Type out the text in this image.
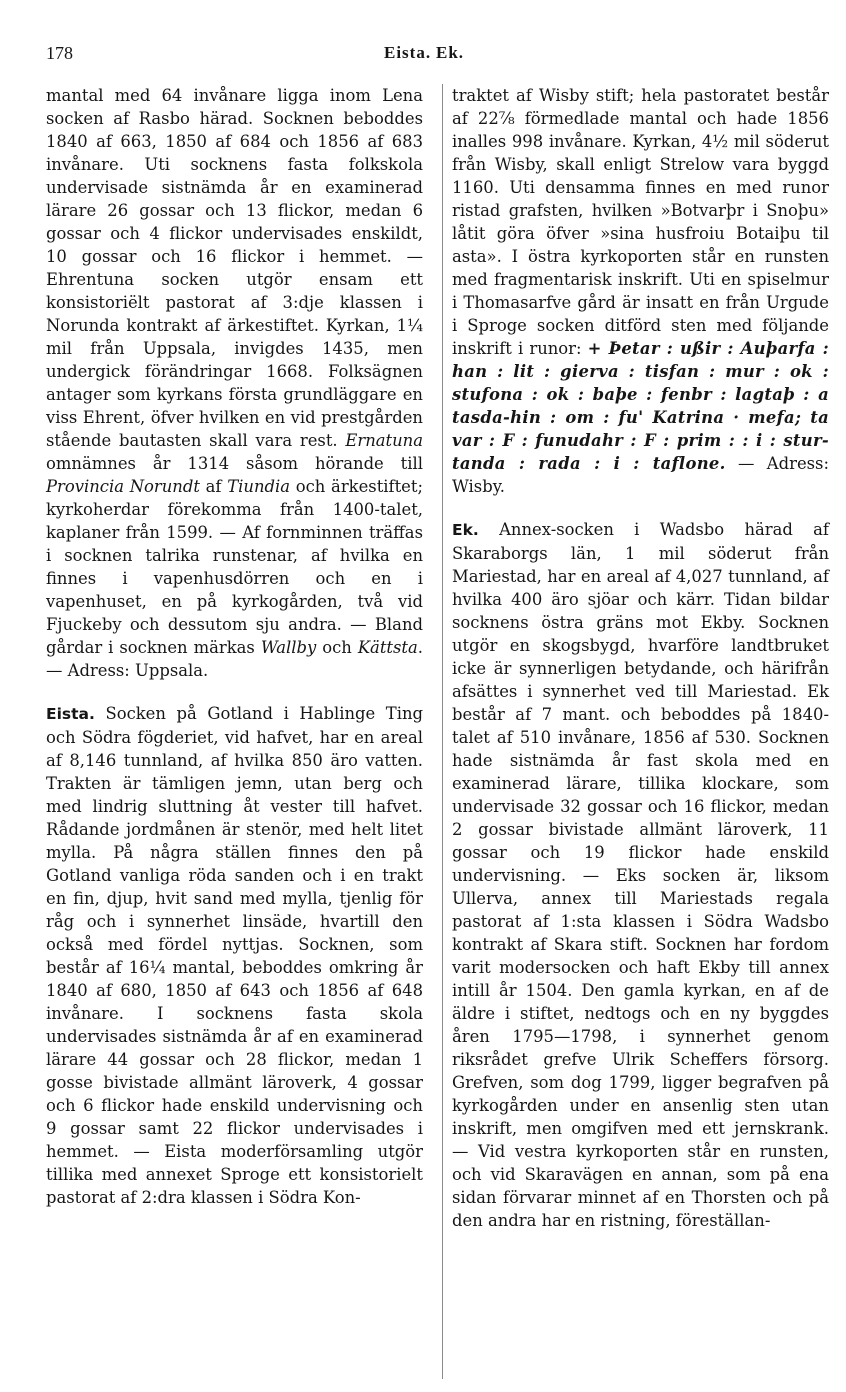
178	Eista. Ek.

mantal med 64 invånare ligga inom Lena socken af Rasbo härad. Socknen beboddes 1840 af 663, 1850 af 684 och 1856 af 683 invånare. Uti socknens fasta folkskola undervisade sistnämda år en examinerad lärare 26 gossar och 13 flickor, medan 6 gossar och 4 flickor undervisades enskildt, 10 gossar och 16 flickor i hemmet. — Ehrentuna socken utgör ensam ett konsistoriëlt pastorat af 3:dje klassen i Norunda kontrakt af ärkestiftet. Kyrkan, 1¼ mil från Uppsala, invigdes 1435, men undergick förändringar 1668. Folksägnen antager som kyrkans första grundläggare en viss Ehrent, öfver hvilken en vid prestgården stående bautasten skall vara rest. Ernatuna omnämnes år 1314 såsom hörande till Provincia Norundt af Tiundia och ärkestiftet; kyrkoherdar förekomma från 1400-talet, kaplaner från 1599. — Af fornminnen träffas i socknen talrika runstenar, af hvilka en finnes i vapenhusdörren och en i vapenhuset, en på kyrkogården, två vid Fjuckeby och dessutom sju andra. — Bland gårdar i socknen märkas Wallby och Kättsta. — Adress: Uppsala.

Eista. Socken på Gotland i Hablingе Ting och Södra fögderiet, vid hafvet, har en areal af 8,146 tunnland, af hvilka 850 äro vatten. Trakten är tämligen jemn, utan berg och med lindrig sluttning åt vester till hafvet. Rådande jordmånen är stenör, med helt litet mylla. På några ställen finnes den på Gotland vanliga röda sanden och i en trakt en fin, djup, hvit sand med mylla, tjenlig för råg och i synnerhet linsäde, hvartill den också med fördel nyttjas. Socknen, som består af 16¼ mantal, beboddes omkring år 1840 af 680, 1850 af 643 och 1856 af 648 invånare. I socknens fasta skola undervisades sistnämda år af en examinerad lärare 44 gossar och 28 flickor, medan 1 gosse bivistade allmänt läroverk, 4 gossar och 6 flickor hade enskild undervisning och 9 gossar samt 22 flickor undervisades i hemmet. — Eista moderförsamling utgör tillika med annexet Sproge ett konsistorielt pastorat af 2:dra klassen i Södra Kon-

traktet af Wisby stift; hela pastoratet består af 22⅞ förmedlade mantal och hade 1856 inalles 998 invånare. Kyrkan, 4½ mil söderut från Wisby, skall enligt Strelow vara byggd 1160. Uti densamma finnes en med runor ristad grafsten, hvilken »Botvarþr i Snoþu» låtit göra öfver »sina husfroiu Botaiþu til asta». I östra kyrkoporten står en runsten med fragmentarisk inskrift. Uti en spiselmur i Thomasarfve gård är insatt en från Urgude i Sproge socken ditförd sten med följande inskrift i runor: + Þetar : ußir : Auþarfa : han : lit : gierva : tisfan : mur : ok : stufona : ok : baþe : fenbr : lagtaþ : a tasda-hin : om : fu' Katrina · mefa; ta var : F : funudahr : F : prim : : i : stur-tanda : rada : i : taflone. — Adress: Wisby.

Ek. Annex-socken i Wadsbo härad af Skaraborgs län, 1 mil söderut från Mariestad, har en areal af 4,027 tunnland, af hvilka 400 äro sjöar och kärr. Tidan bildar socknens östra gräns mot Ekby. Socknen utgör en skogsbygd, hvarföre landtbruket icke är synnerligen betydande, och härifrån afsättes i synnerhet ved till Mariestad. Ek består af 7 mant. och beboddes på 1840-talet af 510 invånare, 1856 af 530. Socknen hade sistnämda år fast skola med en examinerad lärare, tillika klockare, som undervisade 32 gossar och 16 flickor, medan 2 gossar bivistade allmänt läroverk, 11 gossar och 19 flickor hade enskild undervisning. — Eks socken är, liksom Ullerva, annex till Mariestads regala pastorat af 1:sta klassen i Södra Wadsbo kontrakt af Skara stift. Socknen har fordom varit modersocken och haft Ekby till annex intill år 1504. Den gamla kyrkan, en af de äldre i stiftet, nedtogs och en ny byggdes åren 1795—1798, i synnerhet genom riksrådet grefve Ulrik Scheffers försorg. Grefven, som dog 1799, ligger begrafven på kyrkogården under en ansenlig sten utan inskrift, men omgifven med ett jernskrank. — Vid vestra kyrkoporten står en runsten, och vid Skaravägen en annan, som på ena sidan förvarar minnet af en Thorsten och på den andra har en ristning, föreställan-
